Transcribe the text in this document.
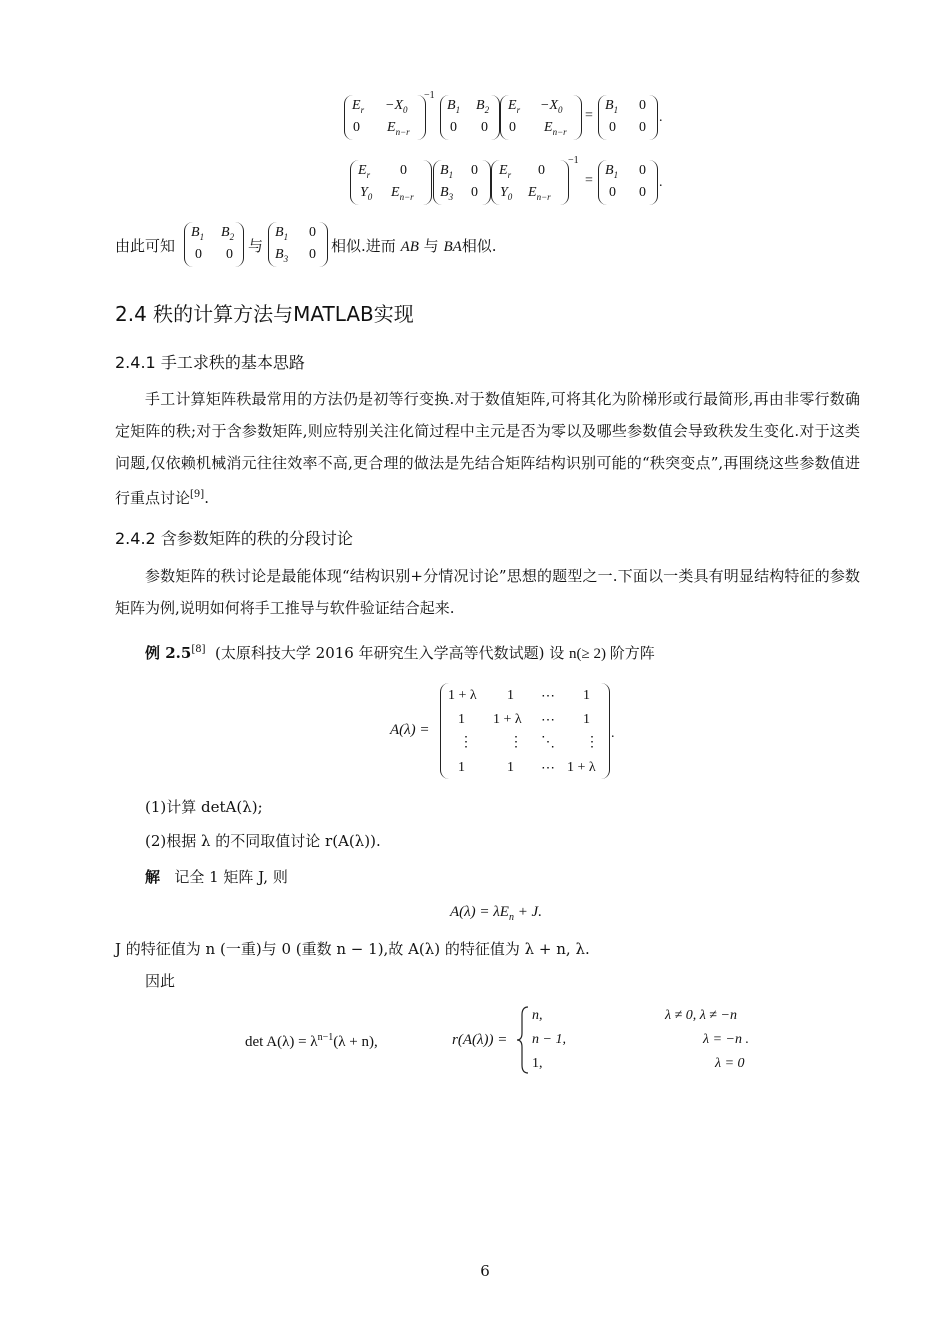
$E_r -X_0$
0 $E_{n-r}$
−1
$B_1$ $B_2$
0 0
$E_r -X_0$
0 $E_{n-r}$
=
$B_1$ 0
0 0
.
$E_r$ 0
$Y_0$ $E_{n-r}$
$B_1$ 0
$B_3$ 0
$E_r$ 0
$Y_0$ $E_{n-r}$
−1
=
$B_1$ 0
0 0
.
由此可知
$B_1$ $B_2$
0 0 与
$B_1$ 0
$B_3$ 0 相似.进而 AB 与 BA相似.
2.4 秩的计算方法与MATLAB实现
2.4.1 手工求秩的基本思路

手工计算矩阵秩最常用的方法仍是初等行变换.对于数值矩阵,可将其化为阶梯形或行最简形,再由非零行数确定矩阵的秩;对于含参数矩阵,则应特别关注化简过程中主元是否为零以及哪些参数值会导致秩发生变化.对于这类问题,仅依赖机械消元往往效率不高,更合理的做法是先结合矩阵结构识别可能的“秩突变点”,再围绕这些参数值进行重点讨论[9].

2.4.2 含参数矩阵的秩的分段讨论

参数矩阵的秩讨论是最能体现“结构识别+分情况讨论”思想的题型之一.下面以一类具有明显结构特征的参数矩阵为例,说明如何将手工推导与软件验证结合起来.

例 2.5[8] (太原科技大学 2016 年研究生入学高等代数试题) 设 n(≥ 2) 阶方阵
A(λ) =
1 + λ 1 ⋯ 1
1 1 + λ ⋯ 1
⋮	⋮ ⋱ ⋮
1	1 ⋯ 1 + λ
.
(1)计算 detA(λ);
(2)根据 λ 的不同取值讨论 r(A(λ)).
解 记全 1 矩阵 J, 则
$A(\lambda) = \lambda E_n + J$.
J 的特征值为 n (一重)与 0 (重数 n − 1),故 A(λ) 的特征值为 λ + n, λ.
因此
$\det A(\lambda) = \lambda^{n-1}(\lambda + n)$,	r(A(λ)) =
n,	λ ≠ 0, λ ≠ −n
n − 1,	λ = −n .
1,	λ = 0
6
